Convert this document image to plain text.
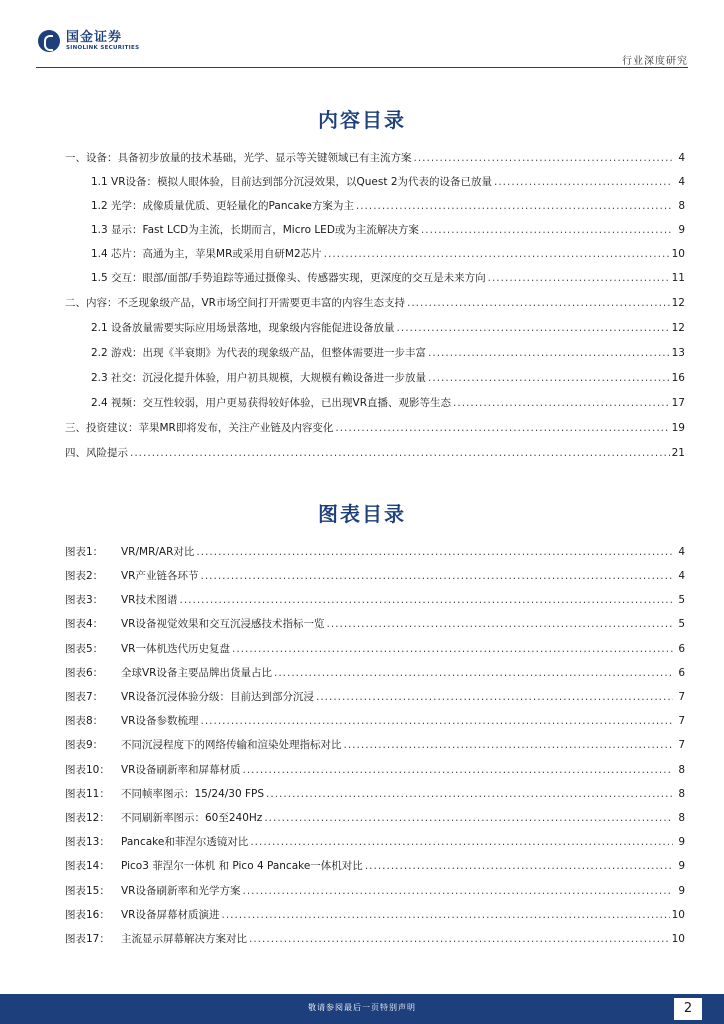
国金证券
SINOLINK SECURITIES
行业深度研究
内容目录
一、设备：具备初步放量的技术基础，光学、显示等关键领域已有主流方案 .....	4
1.1 VR设备：模拟人眼体验，目前达到部分沉浸效果，以Quest 2为代表的设备已放量 .....	4
1.2 光学：成像质量优质、更轻量化的Pancake方案为主 .....	8
1.3 显示：Fast LCD为主流，长期而言，Micro LED或为主流解决方案 .....	9
1.4 芯片：高通为主，苹果MR或采用自研M2芯片 .....	10
1.5 交互：眼部/面部/手势追踪等通过摄像头、传感器实现，更深度的交互是未来方向 .....	11
二、内容：不乏现象级产品，VR市场空间打开需要更丰富的内容生态支持 .....	12
2.1 设备放量需要实际应用场景落地，现象级内容能促进设备放量 .....	12
2.2 游戏：出现《半衰期》为代表的现象级产品，但整体需要进一步丰富 .....	13
2.3 社交：沉浸化提升体验，用户初具规模，大规模有赖设备进一步放量 .....	16
2.4 视频：交互性较弱，用户更易获得较好体验，已出现VR直播、观影等生态 .....	17
三、投资建议：苹果MR即将发布，关注产业链及内容变化 .....	19
四、风险提示 .....	21
图表目录
图表1：	VR/MR/AR对比 .....	4
图表2：	VR产业链各环节 .....	4
图表3：	VR技术图谱 .....	5
图表4：	VR设备视觉效果和交互沉浸感技术指标一览 .....	5
图表5：	VR一体机迭代历史复盘 .....	6
图表6：	全球VR设备主要品牌出货量占比 .....	6
图表7：	VR设备沉浸体验分级：目前达到部分沉浸 .....	7
图表8：	VR设备参数梳理 .....	7
图表9：	不同沉浸程度下的网络传输和渲染处理指标对比 .....	7
图表10：	VR设备刷新率和屏幕材质 .....	8
图表11：	不同帧率图示：15/24/30 FPS .....	8
图表12：	不同刷新率图示：60至240Hz .....	8
图表13：	Pancake和菲涅尔透镜对比 .....	9
图表14：	Pico3 菲涅尔一体机 和 Pico 4 Pancake一体机对比 .....	9
图表15：	VR设备刷新率和光学方案 .....	9
图表16：	VR设备屏幕材质演进 .....	10
图表17：	主流显示屏幕解决方案对比 .....	10
敬请参阅最后一页特别声明	2
